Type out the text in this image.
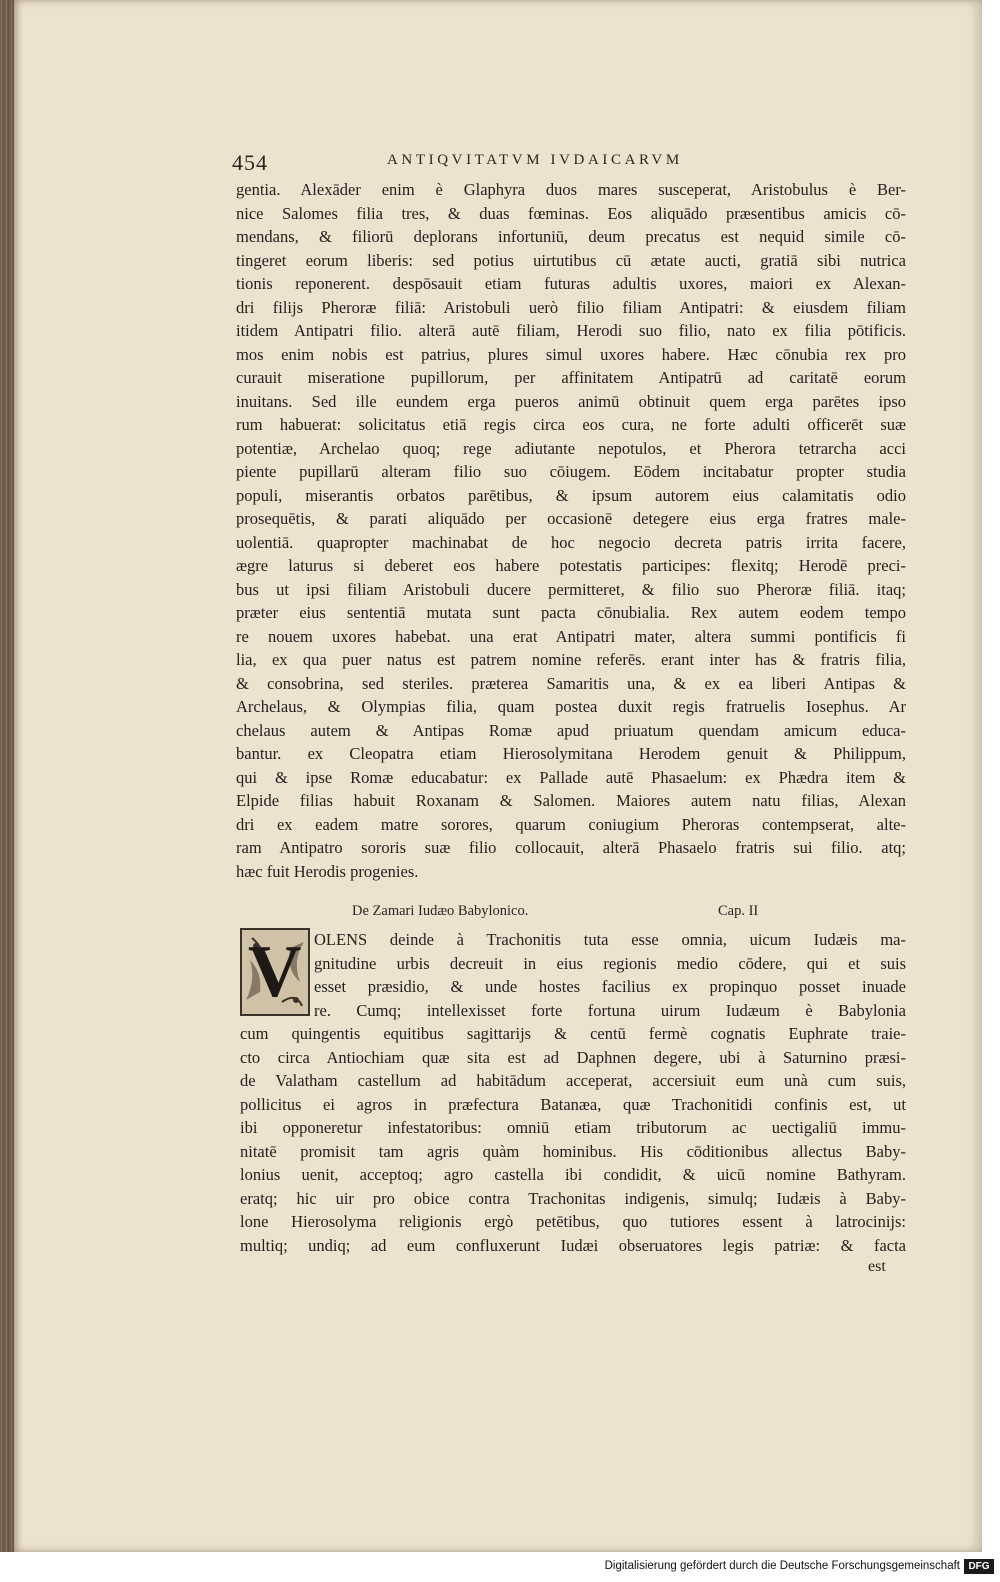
454	ANTIQVITATVM IVDAICARVM
gentia. Alexāder enim è Glaphyra duos mares susceperat, Aristobulus è Ber-
nice Salomes filia tres, & duas fœminas. Eos aliquādo præsentibus amicis cō-
mendans, & filiorū deplorans infortuniū, deum precatus est nequid simile cō-
tingeret eorum liberis: sed potius uirtutibus cū ætate aucti, gratiā sibi nutrica
tionis reponerent. despōsauit etiam futuras adultis uxores, maiori ex Alexan-
dri filijs Pheroræ filiā: Aristobuli uerò filio filiam Antipatri: & eiusdem filiam
itidem Antipatri filio. alterā autē filiam, Herodi suo filio, nato ex filia pōtificis.
mos enim nobis est patrius, plures simul uxores habere. Hæc cōnubia rex pro
curauit miseratione pupillorum, per affinitatem Antipatrū ad caritatē eorum
inuitans. Sed ille eundem erga pueros animū obtinuit quem erga parētes ipso
rum habuerat: solicitatus etiā regis circa eos cura, ne forte adulti officerēt suæ
potentiæ, Archelao quoq; rege adiutante nepotulos, et Pherora tetrarcha acci
piente pupillarū alteram filio suo cōiugem. Eōdem incitabatur propter studia
populi, miserantis orbatos parētibus, & ipsum autorem eius calamitatis odio
prosequētis, & parati aliquādo per occasionē detegere eius erga fratres male-
uolentiā. quapropter machinabat de hoc negocio decreta patris irrita facere,
ægre laturus si deberet eos habere potestatis participes: flexitq; Herodē preci-
bus ut ipsi filiam Aristobuli ducere permitteret, & filio suo Pheroræ filiā. itaq;
præter eius sententiā mutata sunt pacta cōnubialia. Rex autem eodem tempo
re nouem uxores habebat. una erat Antipatri mater, altera summi pontificis fi
lia, ex qua puer natus est patrem nomine referēs. erant inter has & fratris filia,
& consobrina, sed steriles. præterea Samaritis una, & ex ea liberi Antipas &
Archelaus, & Olympias filia, quam postea duxit regis fratruelis Iosephus. Ar
chelaus autem & Antipas Romæ apud priuatum quendam amicum educa-
bantur. ex Cleopatra etiam Hierosolymitana Herodem genuit & Philippum,
qui & ipse Romæ educabatur: ex Pallade autē Phasaelum: ex Phædra item &
Elpide filias habuit Roxanam & Salomen. Maiores autem natu filias, Alexan
dri ex eadem matre sorores, quarum coniugium Pheroras contempserat, alte-
ram Antipatro sororis suæ filio collocauit, alterā Phasaelo fratris sui filio. atq;
hæc fuit Herodis progenies.
De Zamari Iudæo Babylonico.	Cap. II
OLENS deinde à Trachonitis tuta esse omnia, uicum Iudæis ma-
gnitudine urbis decreuit in eius regionis medio cōdere, qui et suis
esset præsidio, & unde hostes facilius ex propinquo posset inuade
re. Cumq; intellexisset forte fortuna uirum Iudæum è Babylonia
cum quingentis equitibus sagittarijs & centū fermè cognatis Euphrate traie-
cto circa Antiochiam quæ sita est ad Daphnen degere, ubi à Saturnino præsi-
de Valatham castellum ad habitādum acceperat, accersiuit eum unà cum suis,
pollicitus ei agros in præfectura Batanæa, quæ Trachonitidi confinis est, ut
ibi opponeretur infestatoribus: omniū etiam tributorum ac uectigaliū immu-
nitatē promisit tam agris quàm hominibus. His cōditionibus allectus Baby-
lonius uenit, acceptoq; agro castella ibi condidit, & uicū nomine Bathyram.
eratq; hic uir pro obice contra Trachonitas indigenis, simulq; Iudæis à Baby-
lone Hierosolyma religionis ergò petētibus, quo tutiores essent à latrocinijs:
multiq; undiq; ad eum confluxerunt Iudæi obseruatores legis patriæ: & facta
V
est
Digitalisierung gefördert durch die Deutsche Forschungsgemeinschaft DFG
